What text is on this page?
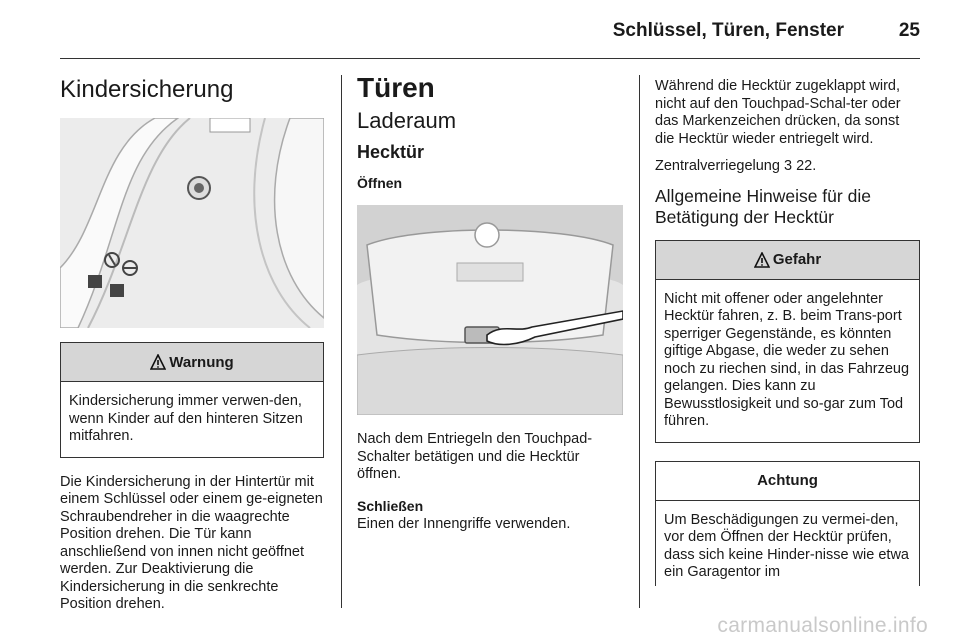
Schlüssel, Türen, Fenster	25
Kindersicherung
Warnung

Kindersicherung immer verwen-den, wenn Kinder auf den hinteren Sitzen mitfahren.

Die Kindersicherung in der Hintertür mit einem Schlüssel oder einem ge-eigneten Schraubendreher in die waagrechte Position drehen. Die Tür kann anschließend von innen nicht geöffnet werden. Zur Deaktivierung die Kindersicherung in die senkrechte Position drehen.

Türen
Laderaum
Hecktür
Öffnen

Nach dem Entriegeln den Touchpad-Schalter betätigen und die Hecktür öffnen.

Schließen

Einen der Innengriffe verwenden.

Während die Hecktür zugeklappt wird, nicht auf den Touchpad-Schal-ter oder das Markenzeichen drücken, da sonst die Hecktür wieder entriegelt wird.

Zentralverriegelung 3 22.

Allgemeine Hinweise für die Betätigung der Hecktür
Gefahr

Nicht mit offener oder angelehnter Hecktür fahren, z. B. beim Trans-port sperriger Gegenstände, es könnten giftige Abgase, die weder zu sehen noch zu riechen sind, in das Fahrzeug gelangen. Dies kann zu Bewusstlosigkeit und so-gar zum Tod führen.

Achtung

Um Beschädigungen zu vermei-den, vor dem Öffnen der Hecktür prüfen, dass sich keine Hinder-nisse wie etwa ein Garagentor im

carmanualsonline.info
